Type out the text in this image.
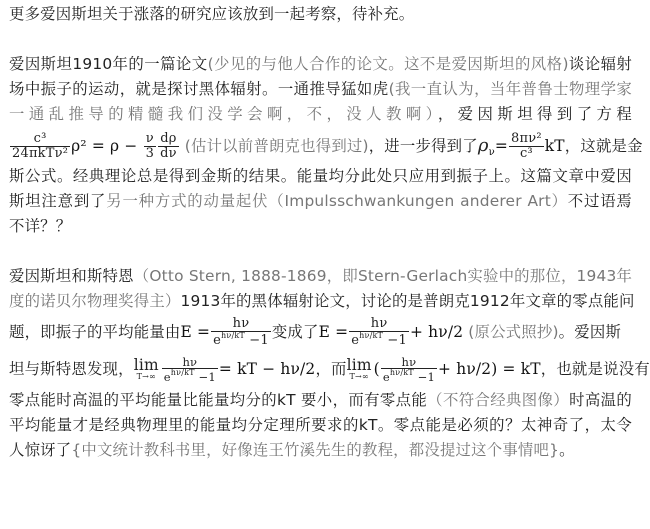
更多爱因斯坦关于涨落的研究应该放到一起考察，待补充。
爱因斯坦1910年的一篇论文(少见的与他人合作的论文。这不是爱因斯坦的风格)谈论辐射
场中振子的运动，就是探讨黑体辐射。一通推导猛如虎(我一直认为，当年普鲁士物理学家
一通乱推导的精髓我们没学会啊，不，没人教啊），爱因斯坦得到了方程
$\frac{\text{c³}}{\text{24πkTν²}} \rho^2 = \rho - \frac{\nu}{3} \frac{d\rho}{d\nu}$ (估计以前普朗克也得到过)，进一步得到了$\rho_\nu= \frac{\text{8πν²}}{\text{c³}}$ kT，这就是金
斯公式。经典理论总是得到金斯的结果。能量均分此处只应用到振子上。这篇文章中爱因
斯坦注意到了另一种方式的动量起伏（Impulsschwankungen anderer Art）不过语焉
不详？？
爱因斯坦和斯特恩（Otto Stern, 1888-1869，即Stern-Gerlach实验中的那位，1943年
度的诺贝尔物理奖得主）1913年的黑体辐射论文，讨论的是普朗克1912年文章的零点能问
题，即振子的平均能量由$E = \frac{h\nu}{e^{h\nu/kT} -1}$ 变成了$E = \frac{h\nu}{e^{h\nu/kT} -1} + h\nu/2$ (原公式照抄)。爱因斯
坦与斯特恩发现， lim
$T\to\infty \frac{h\nu}{e^{h\nu/kT} -1}$ = kT − hν/2，而 lim
T→∞ ( $\frac{h\nu}{e^{h\nu/kT} -1} + h\nu/2$) = kT，也就是说没有
零点能时高温的平均能量比能量均分的kT 要小，而有零点能（不符合经典图像）时高温的
平均能量才是经典物理里的能量均分定理所要求的kT。零点能是必须的？太神奇了，太令
人惊讶了{中文统计教科书里，好像连王竹溪先生的教程，都没提过这个事情吧}。
